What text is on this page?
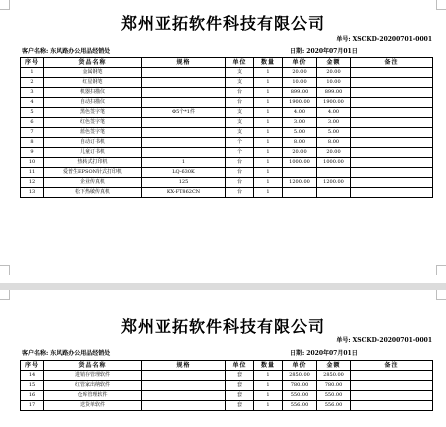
郑州亚拓软件科技有限公司
单号: XSCKD-20200701-0001
客户名称: 东风路办公用品经销处	日期: 2020年07月01日
序号	货品名称	规格	单位	数量	单价	金额	备注
1	金属钢笔		支	1	20.00	20.00	
2	红星钢笔		支	1	10.00	10.00	
3	机器扫描仪		台	1	899.00	899.00	
4	自动扫描仪		台	1	1900.00	1900.00	
5	黑色签字笔	Φ5个*1件	支	1	4.00	4.00	
6	红色签字笔		支	1	3.00	3.00	
7	蓝色签字笔		支	1	5.00	5.00	
8	自动订书机		个	1	8.00	8.00	
9	儿童订书机		个	1	20.00	20.00	
10	热转式打印机	1	台	1	1000.00	1000.00	
11	爱普生EPSON针式打印机	LQ-630K	台	1			
12	企业传真机	125	台	1	1200.00	1200.00	
13	松下热敏传真机	KX-FT862CN	台	1			
郑州亚拓软件科技有限公司
单号: XSCKD-20200701-0001
客户名称: 东风路办公用品经销处	日期: 2020年07月01日
序号	货品名称	规格	单位	数量	单价	金额	备注
14	进销存管理软件		套	1	2850.00	2850.00	
15	红管家出纳软件		套	1	780.00	780.00	
16	仓库管理软件		套	1	550.00	550.00	
17	送货单软件		套	1	556.00	556.00	
